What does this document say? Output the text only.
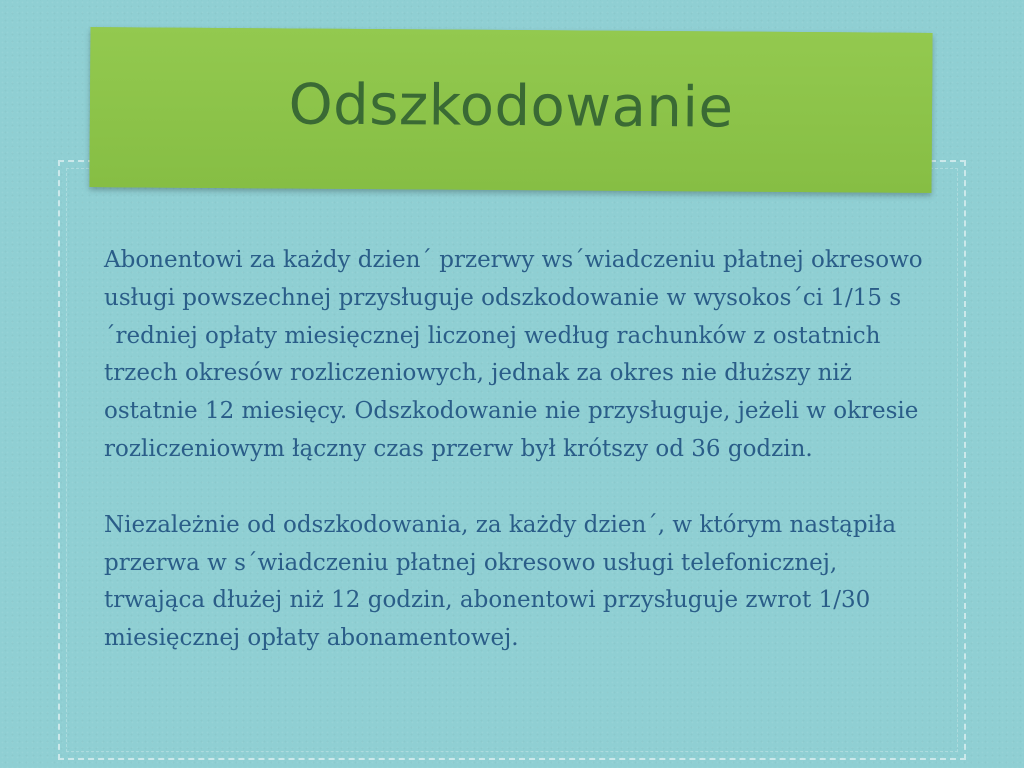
Odszkodowanie

Abonentowi za każdy dzien´ przerwy ws´wiadczeniu płatnej okresowo usługi powszechnej przysługuje odszkodowanie w wysokos´ci 1/15 s´redniej opłaty miesięcznej liczonej według rachunków z ostatnich trzech okresów rozliczeniowych, jednak za okres nie dłuższy niż ostatnie 12 miesięcy. Odszkodowanie nie przysługuje, jeżeli w okresie rozliczeniowym łączny czas przerw był krótszy od 36 godzin.

Niezależnie od odszkodowania, za każdy dzien´, w którym nastąpiła przerwa w s´wiadczeniu płatnej okresowo usługi telefonicznej, trwająca dłużej niż 12 godzin, abonentowi przysługuje zwrot 1/30 miesięcznej opłaty abonamentowej.
